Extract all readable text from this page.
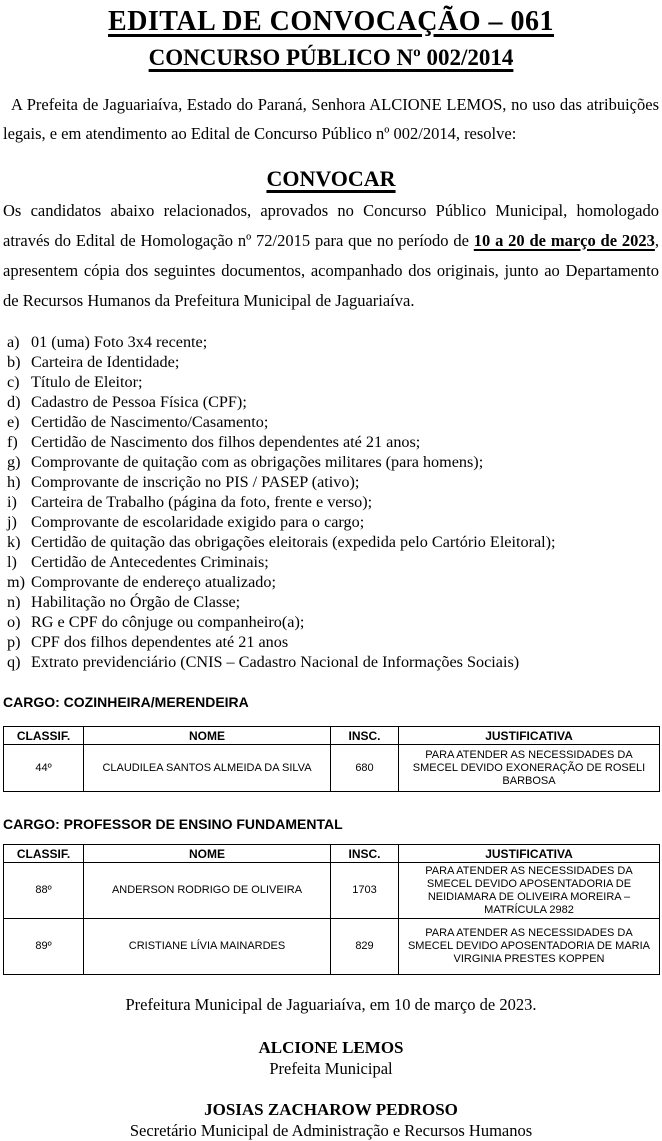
EDITAL DE CONVOCAÇÃO – 061
CONCURSO PÚBLICO Nº 002/2014

A Prefeita de Jaguariaíva, Estado do Paraná, Senhora ALCIONE LEMOS, no uso das atribuições legais, e em atendimento ao Edital de Concurso Público nº 002/2014, resolve:

CONVOCAR

Os candidatos abaixo relacionados, aprovados no Concurso Público Municipal, homologado através do Edital de Homologação nº 72/2015 para que no período de 10 a 20 de março de 2023, apresentem cópia dos seguintes documentos, acompanhado dos originais, junto ao Departamento de Recursos Humanos da Prefeitura Municipal de Jaguariaíva.

a) 01 (uma) Foto 3x4 recente;
b) Carteira de Identidade;
c) Título de Eleitor;
d) Cadastro de Pessoa Física (CPF);
e) Certidão de Nascimento/Casamento;
f) Certidão de Nascimento dos filhos dependentes até 21 anos;
g) Comprovante de quitação com as obrigações militares (para homens);
h) Comprovante de inscrição no PIS / PASEP (ativo);
i) Carteira de Trabalho (página da foto, frente e verso);
j) Comprovante de escolaridade exigido para o cargo;
k) Certidão de quitação das obrigações eleitorais (expedida pelo Cartório Eleitoral);
l) Certidão de Antecedentes Criminais;
m) Comprovante de endereço atualizado;
n) Habilitação no Órgão de Classe;
o) RG e CPF do cônjuge ou companheiro(a);
p) CPF dos filhos dependentes até 21 anos
q) Extrato previdenciário (CNIS – Cadastro Nacional de Informações Sociais)
CARGO: COZINHEIRA/MERENDEIRA
CLASSIF.	NOME	INSC.	JUSTIFICATIVA
44º	CLAUDILEA SANTOS ALMEIDA DA SILVA	680	PARA ATENDER AS NECESSIDADES DA SMECEL DEVIDO EXONERAÇÃO DE ROSELI BARBOSA
CARGO: PROFESSOR DE ENSINO FUNDAMENTAL
CLASSIF.	NOME	INSC.	JUSTIFICATIVA
88º	ANDERSON RODRIGO DE OLIVEIRA	1703	PARA ATENDER AS NECESSIDADES DA SMECEL DEVIDO APOSENTADORIA DE NEIDIAMARA DE OLIVEIRA MOREIRA – MATRÍCULA 2982
89º	CRISTIANE LÍVIA MAINARDES	829	PARA ATENDER AS NECESSIDADES DA SMECEL DEVIDO APOSENTADORIA DE MARIA VIRGINIA PRESTES KOPPEN
Prefeitura Municipal de Jaguariaíva, em 10 de março de 2023.
ALCIONE LEMOS
Prefeita Municipal
JOSIAS ZACHAROW PEDROSO
Secretário Municipal de Administração e Recursos Humanos
